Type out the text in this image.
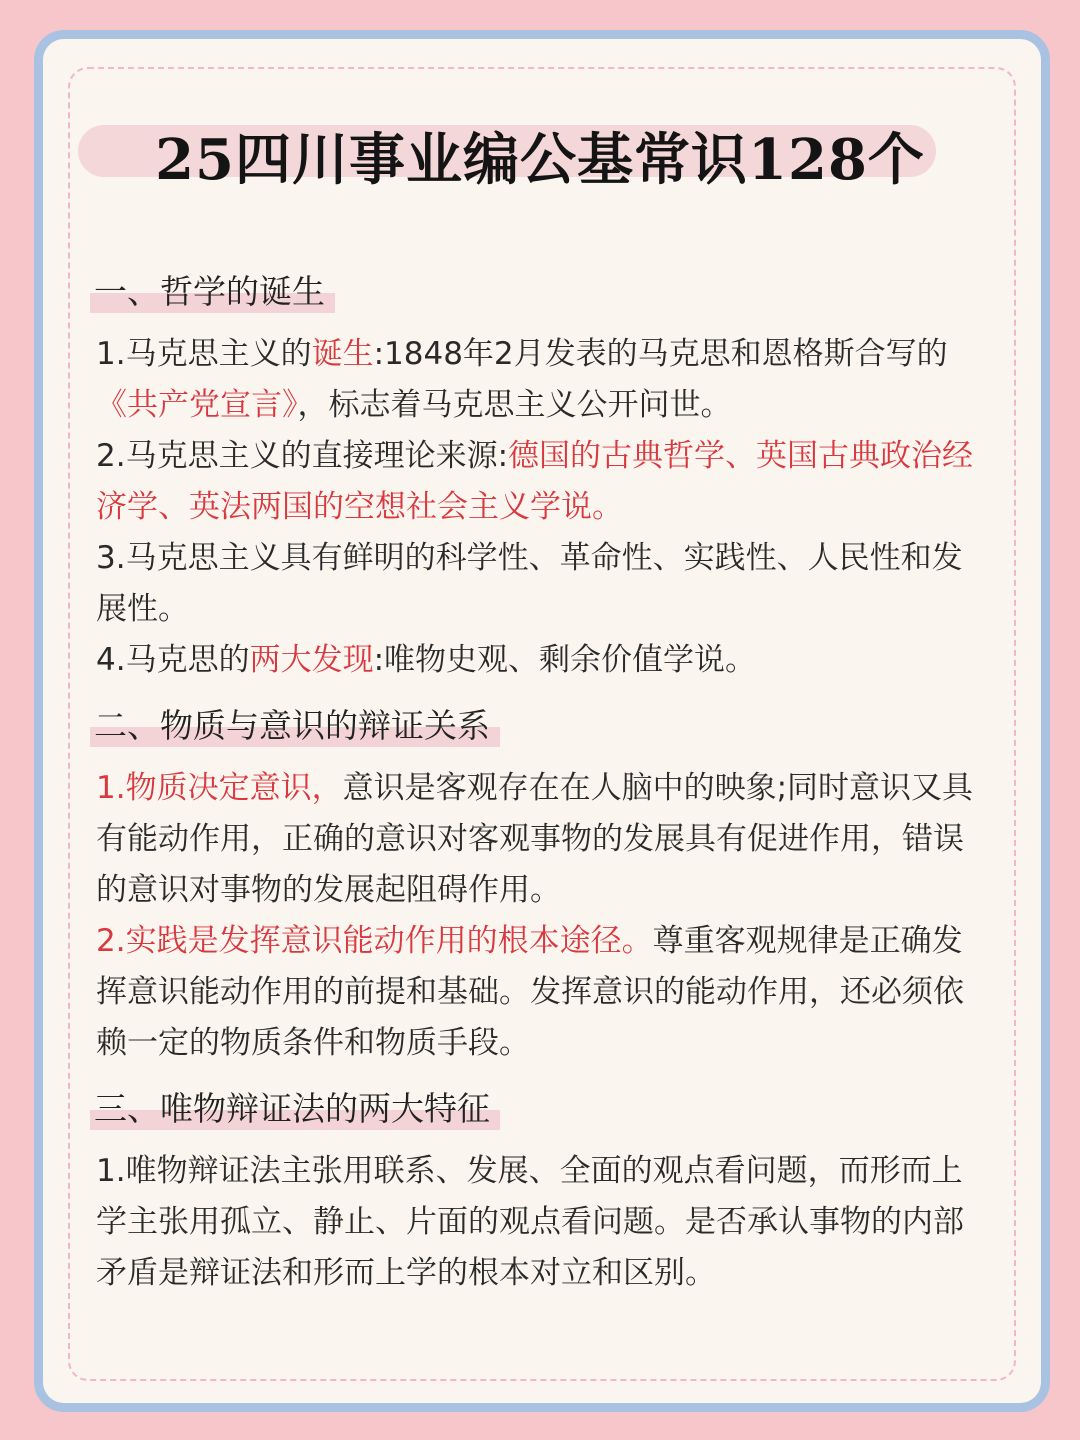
25四川事业编公基常识128个
一、哲学的诞生

1.马克思主义的诞生:1848年2月发表的马克思和恩格斯合写的《共产党宣言》，标志着马克思主义公开问世。

2.马克思主义的直接理论来源:德国的古典哲学、英国古典政治经济学、英法两国的空想社会主义学说。

3.马克思主义具有鲜明的科学性、革命性、实践性、人民性和发展性。

4.马克思的两大发现:唯物史观、剩余价值学说。

二、物质与意识的辩证关系

1.物质决定意识，意识是客观存在在人脑中的映象;同时意识又具有能动作用，正确的意识对客观事物的发展具有促进作用，错误的意识对事物的发展起阻碍作用。

2.实践是发挥意识能动作用的根本途径。尊重客观规律是正确发挥意识能动作用的前提和基础。发挥意识的能动作用，还必须依赖一定的物质条件和物质手段。

三、唯物辩证法的两大特征

1.唯物辩证法主张用联系、发展、全面的观点看问题，而形而上学主张用孤立、静止、片面的观点看问题。是否承认事物的内部矛盾是辩证法和形而上学的根本对立和区别。
